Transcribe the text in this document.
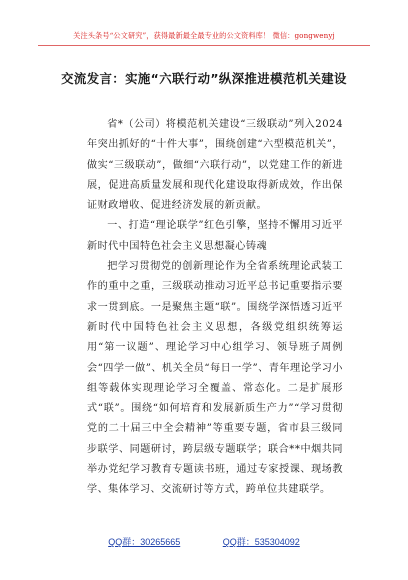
关注头条号“公文研究”，获得最新最全最专业的公文资料库！ 微信：gongwenyj
交流发言：实施“六联行动”纵深推进模范机关建设

省*（公司）将模范机关建设“三级联动”列入2024年突出抓好的“十件大事”，围绕创建“六型模范机关”，做实“三级联动”，做细“六联行动”，以党建工作的新进展，促进高质量发展和现代化建设取得新成效，作出保证财政增收、促进经济发展的新贡献。

一、打造“理论联学”红色引擎，坚持不懈用习近平新时代中国特色社会主义思想凝心铸魂

把学习贯彻党的创新理论作为全省系统理论武装工作的重中之重，三级联动推动习近平总书记重要指示要求一贯到底。一是聚焦主题“联”。围绕学深悟透习近平新时代中国特色社会主义思想，各级党组织统筹运用“第一议题”、理论学习中心组学习、领导班子周例会“四学一做”、机关全员“每日一学”、青年理论学习小组等载体实现理论学习全覆盖、常态化。二是扩展形式“联”。围绕“如何培育和发展新质生产力”“学习贯彻党的二十届三中全会精神”等重要专题，省市县三级同步联学、同题研讨，跨层级专题联学；联合**中烟共同举办党纪学习教育专题读书班，通过专家授课、现场教学、集体学习、交流研讨等方式，跨单位共建联学。

QQ群：30265665	QQ群：535304092
